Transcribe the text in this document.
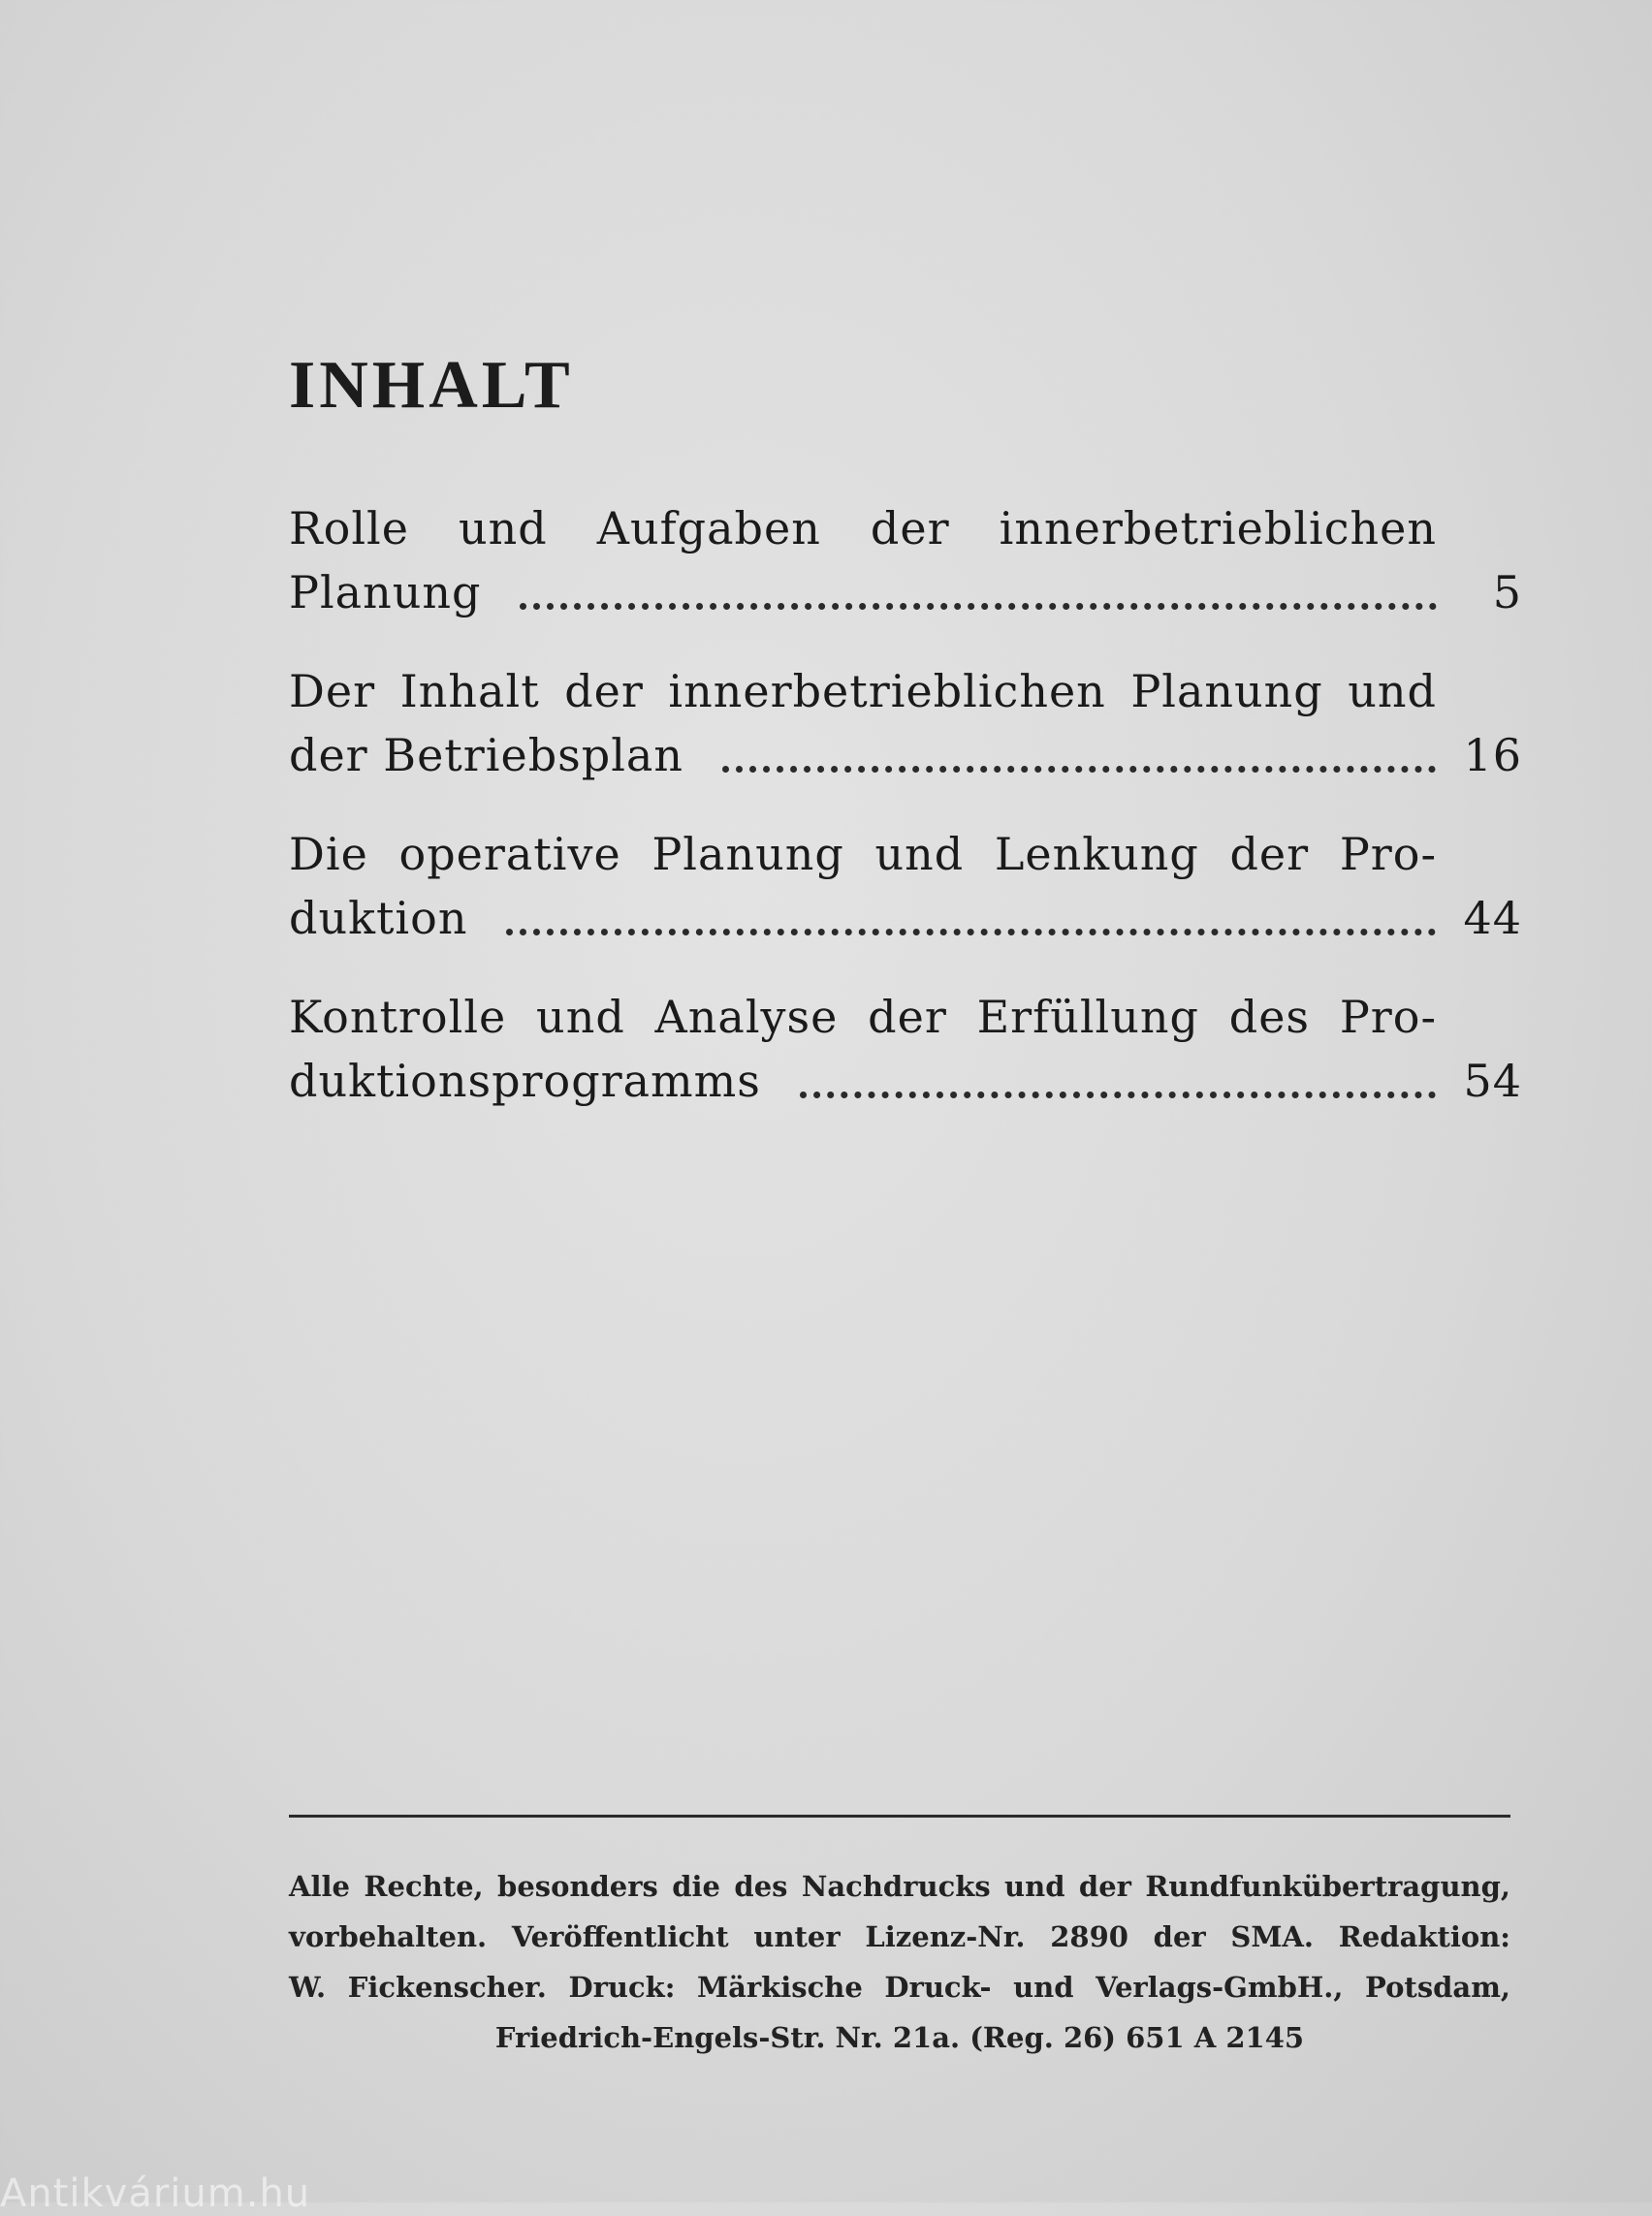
INHALT
Rolle und Aufgaben der innerbetrieblichen
Planung	5
Der Inhalt der innerbetrieblichen Planung und
der Betriebsplan	16
Die operative Planung und Lenkung der Pro-
duktion	44
Kontrolle und Analyse der Erfüllung des Pro-
duktionsprogramms	54
Alle Rechte, besonders die des Nachdrucks und der Rundfunkübertragung,
vorbehalten. Veröffentlicht unter Lizenz-Nr. 2890 der SMA. Redaktion:
W. Fickenscher. Druck: Märkische Druck- und Verlags-GmbH., Potsdam,
Friedrich-Engels-Str. Nr. 21a. (Reg. 26) 651 A 2145
Antikvárium.hu
